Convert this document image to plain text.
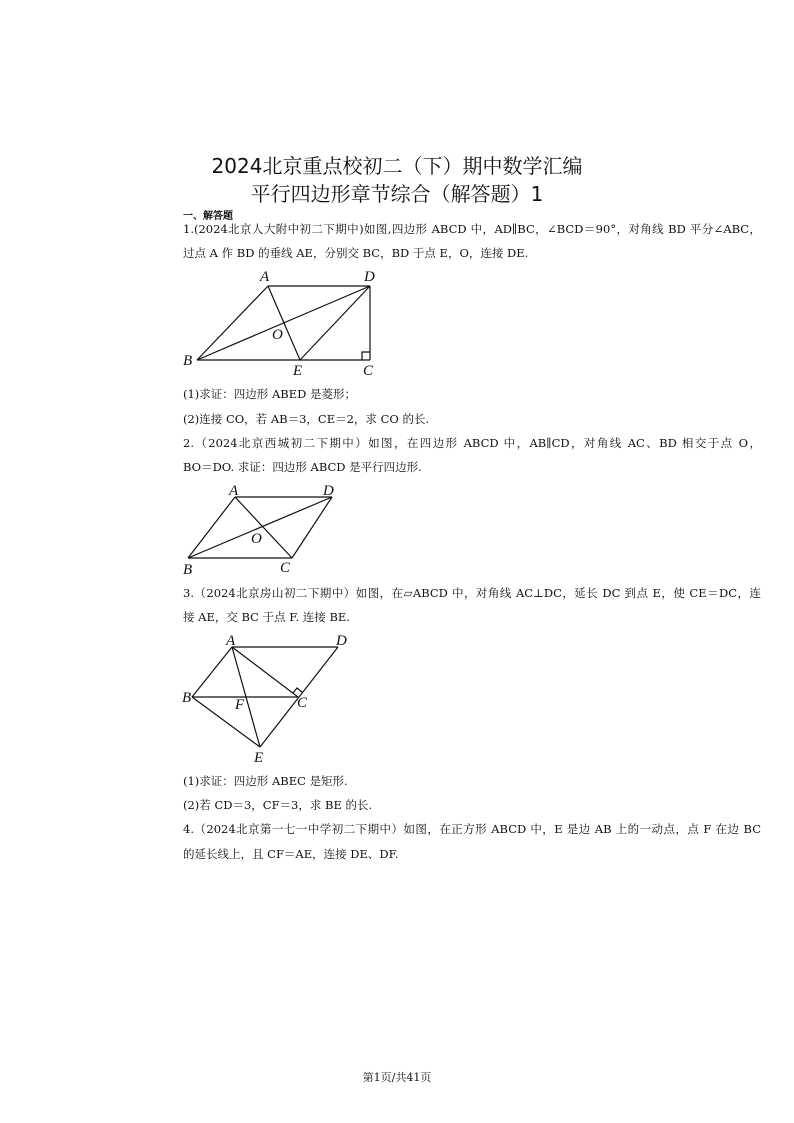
2024北京重点校初二（下）期中数学汇编
平行四边形章节综合（解答题）1
一、解答题
1.(2024北京人大附中初二下期中)如图,四边形 ABCD 中，AD∥BC，∠BCD＝90°，对角线 BD 平分∠ABC，
过点 A 作 BD 的垂线 AE，分别交 BC，BD 于点 E，O，连接 DE.
A	D
O
B
E	C
(1)求证：四边形 ABED 是菱形；
(2)连接 CO，若 AB＝3，CE＝2，求 CO 的长.
2.（2024北京西城初二下期中）如图，在四边形 ABCD 中，AB∥CD，对角线 AC、BD 相交于点 O，
BO＝DO. 求证：四边形 ABCD 是平行四边形.
A	D
O
B	C
3.（2024北京房山初二下期中）如图，在▱ABCD 中，对角线 AC⊥DC，延长 DC 到点 E，使 CE＝DC，连
接 AE，交 BC 于点 F. 连接 BE.
A	D
B	F	C
E
(1)求证：四边形 ABEC 是矩形.
(2)若 CD＝3，CF＝3，求 BE 的长.
4.（2024北京第一七一中学初二下期中）如图，在正方形 ABCD 中，E 是边 AB 上的一动点，点 F 在边 BC
的延长线上，且 CF＝AE，连接 DE、DF.
第1页/共41页
